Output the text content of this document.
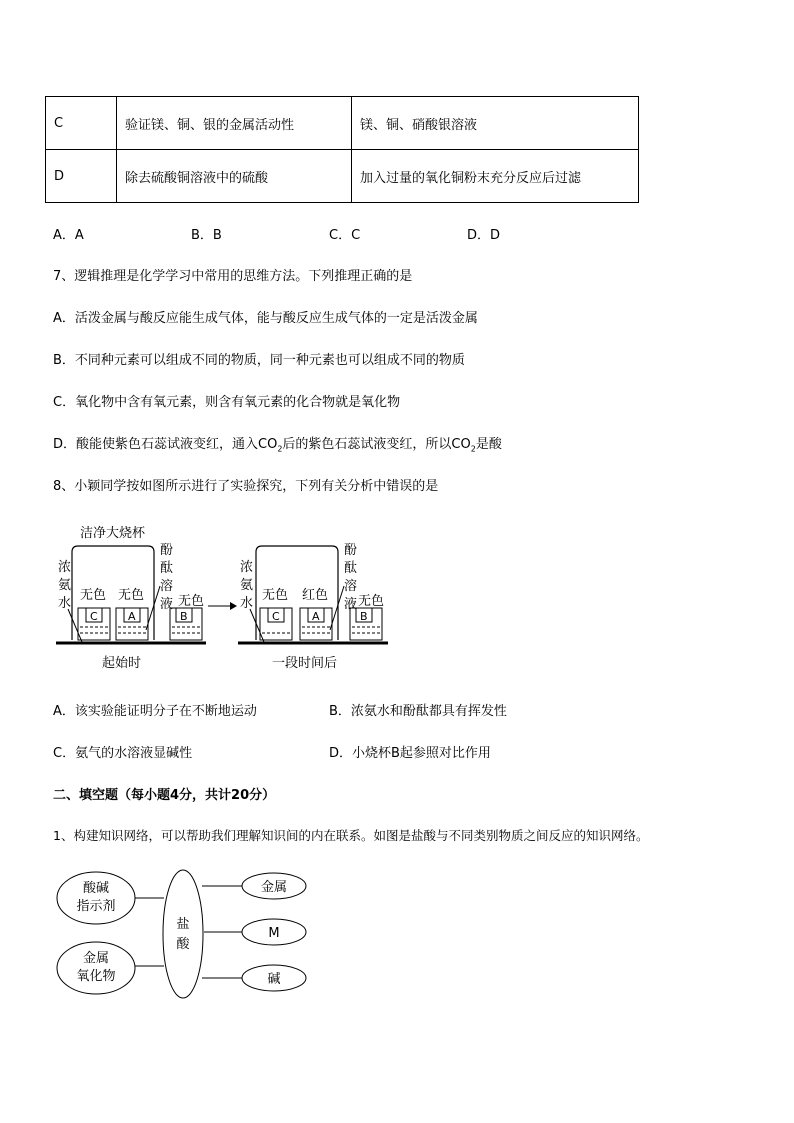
C	验证镁、铜、银的金属活动性	镁、铜、硝酸银溶液
D	除去硫酸铜溶液中的硫酸	加入过量的氧化铜粉末充分反应后过滤
A．A	B．B	C．C	D．D
7、逻辑推理是化学学习中常用的思维方法。下列推理正确的是
A．活泼金属与酸反应能生成气体，能与酸反应生成气体的一定是活泼金属
B．不同种元素可以组成不同的物质，同一种元素也可以组成不同的物质
C．氧化物中含有氧元素，则含有氧元素的化合物就是氧化物
D．酸能使紫色石蕊试液变红，通入$CO_2$后的紫色石蕊试液变红，所以$CO_2$是酸
8、小颖同学按如图所示进行了实验探究，下列有关分析中错误的是
洁净大烧杯
浓
氨
水
无色 无色
C	A
酚
酞
溶
液 无色
B
起始时
浓
氨
水
无色 红色
C	A
酚
酞
溶
液 无色
B
一段时间后
A．该实验能证明分子在不断地运动	B．浓氨水和酚酞都具有挥发性
C．氨气的水溶液显碱性	D．小烧杯B起参照对比作用
二、填空题（每小题4分，共计20分）
1、构建知识网络，可以帮助我们理解知识间的内在联系。如图是盐酸与不同类别物质之间反应的知识网络。
酸碱
指示剂
金属
氧化物
盐
酸
金属
M
碱
